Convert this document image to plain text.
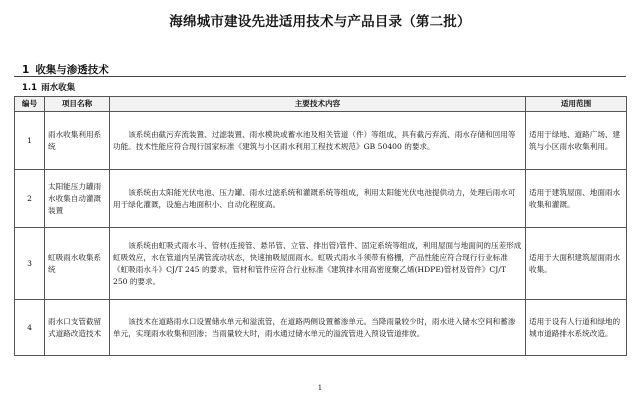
海绵城市建设先进适用技术与产品目录（第二批）
1 收集与渗透技术
1.1 雨水收集
编号	项目名称	主要技术内容	适用范围
1	雨水收集利用系统	该系统由截污弃流装置、过滤装置、雨水模块或蓄水池及相关管道（件）等组成，具有截污弃流、雨水存储和回用等功能。技术性能应符合现行国家标准《建筑与小区雨水利用工程技术规范》GB 50400 的要求。	适用于绿地、道路广场、建筑与小区雨水收集利用。
2	太阳能压力罐雨水收集自动灌溉装置	该系统由太阳能光伏电池、压力罐、雨水过滤系统和灌溉系统等组成，利用太阳能光伏电池提供动力，处理后雨水可用于绿化灌溉，设施占地面积小、自动化程度高。	适用于建筑屋面、地面雨水收集和灌溉。
3	虹吸雨水收集系统	该系统由虹吸式雨水斗、管材(连接管、悬吊管、立管、排出管)管件、固定系统等组成，利用屋面与地面间的压差形成虹吸效应，水在管道内呈满管流动状态，快速抽吸屋面雨水。虹吸式雨水斗须带有格栅，产品性能应符合现行行业标准《虹吸雨水斗》CJ/T 245 的要求，管材和管件应符合行业标准《建筑排水用高密度聚乙烯(HDPE)管材及管件》CJ/T 250 的要求。	适用于大面积建筑屋面雨水收集。
4	雨水口支管截留式道路改造技术	该技术在道路雨水口设置储水单元和溢流管，在道路两侧设置蓄渗单元。当降雨量较少时，雨水进入储水空间和蓄渗单元，实现雨水收集和回渗；当雨量较大时，雨水通过储水单元的溢流管进入预设管道排放。	适用于设有人行道和绿地的城市道路排水系统改造。
1
